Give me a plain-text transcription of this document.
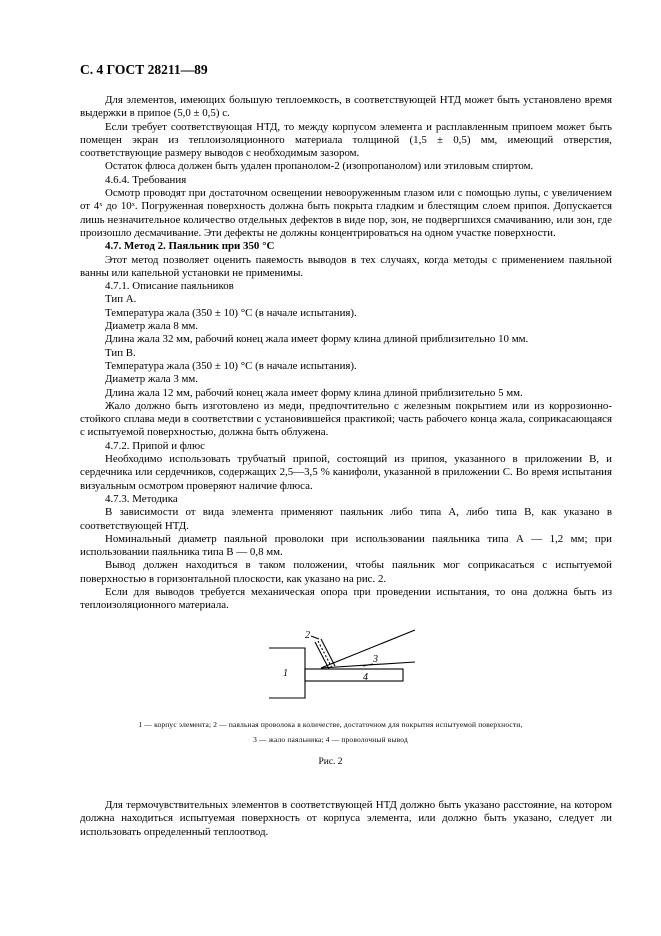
С. 4 ГОСТ 28211—89

Для элементов, имеющих большую теплоемкость, в соответствующей НТД может быть установлено время выдержки в припое (5,0 ± 0,5) с.

Если требует соответствующая НТД, то между корпусом элемента и расплавленным припоем может быть помещен экран из теплоизоляционного материала толщиной (1,5 ± 0,5) мм, имеющий отверстия, соответствующие размеру выводов с необходимым зазором.

Остаток флюса должен быть удален пропанолом-2 (изопропанолом) или этиловым спиртом.

4.6.4. Требования

Осмотр проводят при достаточном освещении невооруженным глазом или с помощью лупы, с увеличением от 4ˣ до 10ˣ. Погруженная поверхность должна быть покрыта гладким и блестящим слоем припоя. Допускается лишь незначительное количество отдельных дефектов в виде пор, зон, не подвергшихся смачиванию, или зон, где произошло десмачивание. Эти дефекты не должны концентрироваться на одном участке поверхности.

4.7. Метод 2. Паяльник при 350 °С

Этот метод позволяет оценить паяемость выводов в тех случаях, когда методы с применением паяльной ванны или капельной установки не применимы.

4.7.1. Описание паяльников

Тип А.

Температура жала (350 ± 10) °С (в начале испытания).

Диаметр жала 8 мм.

Длина жала 32 мм, рабочий конец жала имеет форму клина длиной приблизительно 10 мм.

Тип В.

Температура жала (350 ± 10) °С (в начале испытания).

Диаметр жала 3 мм.

Длина жала 12 мм, рабочий конец жала имеет форму клина длиной приблизительно 5 мм.

Жало должно быть изготовлено из меди, предпочтительно с железным покрытием или из коррозионно-стойкого сплава меди в соответствии с установившейся практикой; часть рабочего конца жала, соприкасающаяся с испытуемой поверхностью, должна быть облужена.

4.7.2. Припой и флюс

Необходимо использовать трубчатый припой, состоящий из припоя, указанного в приложении В, и сердечника или сердечников, содержащих 2,5—3,5 % канифоли, указанной в приложении С. Во время испытания визуальным осмотром проверяют наличие флюса.

4.7.3. Методика

В зависимости от вида элемента применяют паяльник либо типа А, либо типа В, как указано в соответствующей НТД.

Номинальный диаметр паяльной проволоки при использовании паяльника типа А — 1,2 мм; при использовании паяльника типа В — 0,8 мм.

Вывод должен находиться в таком положении, чтобы паяльник мог соприкасаться с испытуемой поверхностью в горизонтальной плоскости, как указано на рис. 2.

Если для выводов требуется механическая опора при проведении испытания, то она должна быть из теплоизоляционного материала.

1
2
3
4
1 — корпус элемента; 2 — паяльная проволока в количестве, достаточном для покрытия испытуемой поверхности,
3 — жало паяльника; 4 — проволочный вывод
Рис. 2

Для термочувствительных элементов в соответствующей НТД должно быть указано расстояние, на котором должна находиться испытуемая поверхность от корпуса элемента, или должно быть указано, следует ли использовать определенный теплоотвод.
